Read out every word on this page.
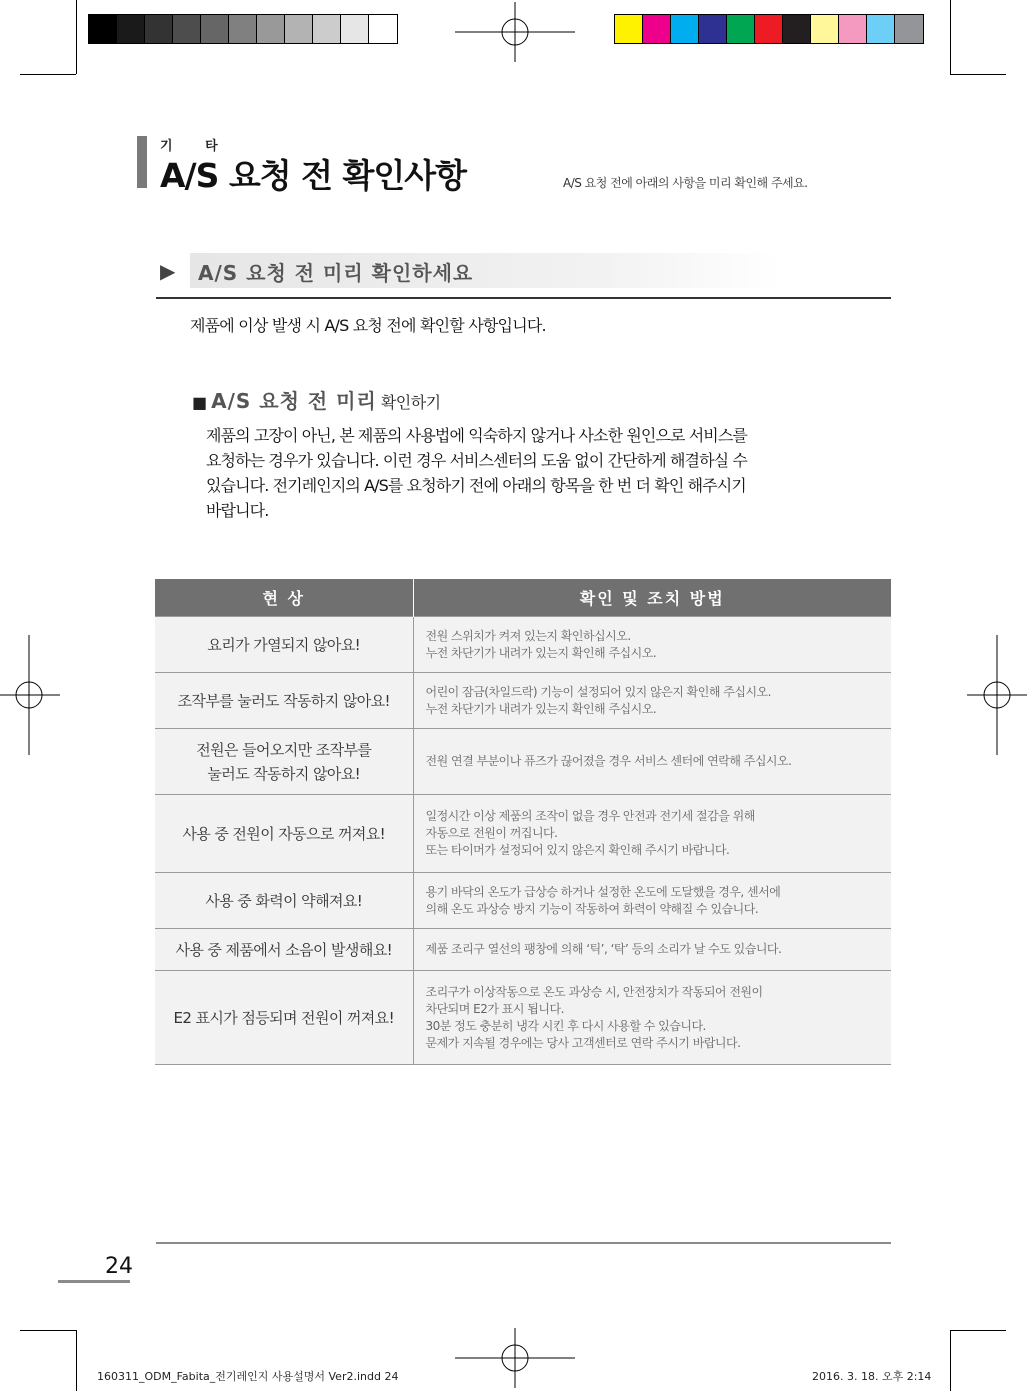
기 타
A/S 요청 전 확인사항	A/S 요청 전에 아래의 사항을 미리 확인해 주세요.
▶ A/S 요청 전 미리 확인하세요
제품에 이상 발생 시 A/S 요청 전에 확인할 사항입니다.
■ A/S 요청 전 미리 확인하기
제품의 고장이 아닌, 본 제품의 사용법에 익숙하지 않거나 사소한 원인으로 서비스를
요청하는 경우가 있습니다. 이런 경우 서비스센터의 도움 없이 간단하게 해결하실 수
있습니다. 전기레인지의 A/S를 요청하기 전에 아래의 항목을 한 번 더 확인 해주시기
바랍니다.
현 상	확인 및 조치 방법

요리가 가열되지 않아요!	전원 스위치가 켜져 있는지 확인하십시오.
누전 차단기가 내려가 있는지 확인해 주십시오.

조작부를 눌러도 작동하지 않아요!	어린이 잠금(차일드락) 기능이 설정되어 있지 않은지 확인해 주십시오.
누전 차단기가 내려가 있는지 확인해 주십시오.

전원은 들어오지만 조작부를
눌러도 작동하지 않아요!	전원 연결 부분이나 퓨즈가 끊어졌을 경우 서비스 센터에 연락해 주십시오.

사용 중 전원이 자동으로 꺼져요!	일정시간 이상 제품의 조작이 없을 경우 안전과 전기세 절감을 위해
자동으로 전원이 꺼집니다.
또는 타이머가 설정되어 있지 않은지 확인해 주시기 바랍니다.

사용 중 화력이 약해져요!	용기 바닥의 온도가 급상승 하거나 설정한 온도에 도달했을 경우, 센서에
의해 온도 과상승 방지 기능이 작동하여 화력이 약해질 수 있습니다.

사용 중 제품에서 소음이 발생해요!	제품 조리구 열선의 팽창에 의해 ‘틱’, ‘탁’ 등의 소리가 날 수도 있습니다.

E2 표시가 점등되며 전원이 꺼져요!	조리구가 이상작동으로 온도 과상승 시, 안전장치가 작동되어 전원이
차단되며 E2가 표시 됩니다.
30분 정도 충분히 냉각 시킨 후 다시 사용할 수 있습니다.
문제가 지속될 경우에는 당사 고객센터로 연락 주시기 바랍니다.
24
160311_ODM_Fabita_전기레인지 사용설명서 Ver2.indd 24	2016. 3. 18. 오후 2:14
